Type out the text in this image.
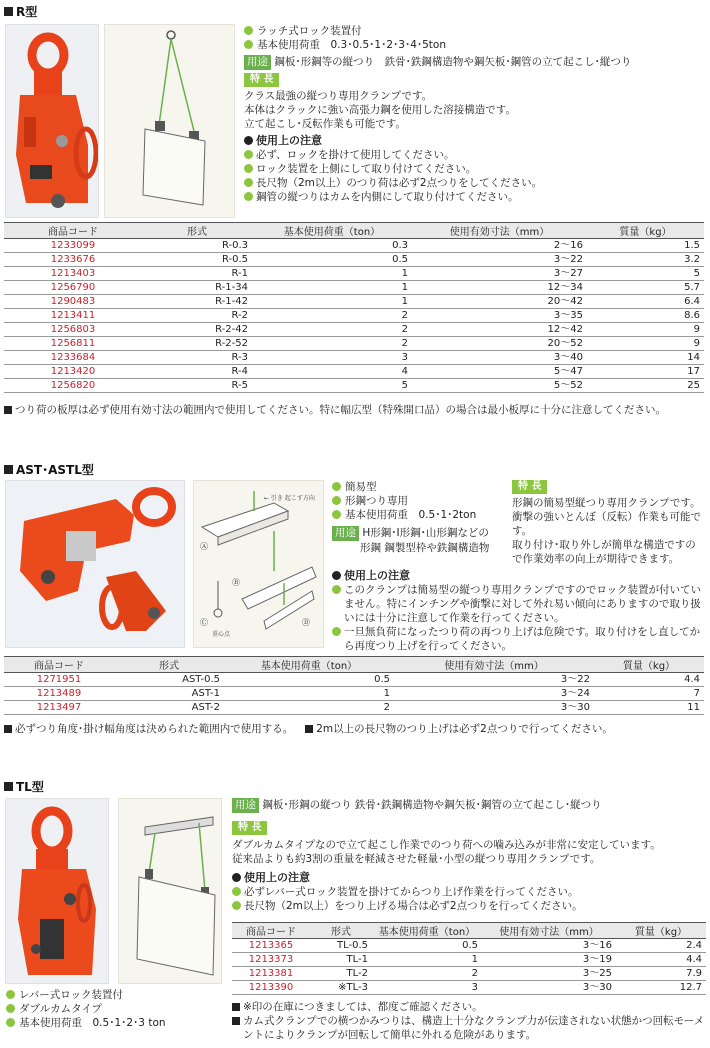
R型
ラッチ式ロック装置付
基本使用荷重　0.3･0.5･1･2･3･4･5ton
用途 鋼板･形鋼等の縦つり　鉄骨･鉄鋼構造物や鋼矢板･鋼管の立て起こし･縦つり
特 長
クラス最強の縦つり専用クランプです。
本体はクラックに強い高張力鋼を使用した溶接構造です。
立て起こし･反転作業も可能です。
使用上の注意
必ず、ロックを掛けて使用してください。
ロック装置を上側にして取り付けてください。
長尺物（2m以上）のつり荷は必ず2点つりをしてください。
鋼管の縦つりはカムを内側にして取り付けてください。
商品コード	形式	基本使用荷重（ton）	使用有効寸法（mm）	質量（kg）
1233099	R-0.3	0.3	2～16	1.5
1233676	R-0.5	0.5	3～22	3.2
1213403	R-1	1	3～27	5
1256790	R-1-34	1	12～34	5.7
1290483	R-1-42	1	20～42	6.4
1213411	R-2	2	3～35	8.6
1256803	R-2-42	2	12～42	9
1256811	R-2-52	2	20～52	9
1233684	R-3	3	3～40	14
1213420	R-4	4	5～47	17
1256820	R-5	5	5～52	25
つり荷の板厚は必ず使用有効寸法の範囲内で使用してください。特に幅広型（特殊開口品）の場合は最小板厚に十分に注意してください。
AST･ASTL型
← 引き 起こす方向
Ⓐ
Ⓑ
Ⓒ	Ⓓ
重心点
簡易型
形鋼つり専用
基本使用荷重　0.5･1･2ton
用途 H形鋼･I形鋼･山形鋼などの
形鋼 鋼製型枠や鉄鋼構造物
特 長
形鋼の簡易型縦つり専用クランプです。
衝撃の強いとんぼ（反転）作業も可能です。
取り付け･取り外しが簡単な構造ですので作業効率の向上が期待できます。
使用上の注意
このクランプは簡易型の縦つり専用クランプですのでロック装置が付いていません。特にインチングや衝撃に対して外れ易い傾向にありますので取り扱いには十分に注意して作業を行ってください。
一旦無負荷になったつり荷の再つり上げは危険です。取り付けをし直してから再度つり上げを行ってください。
商品コード	形式	基本使用荷重（ton）	使用有効寸法（mm）	質量（kg）
1271951	AST-0.5	0.5	3～22	4.4
1213489	AST-1	1	3～24	7
1213497	AST-2	2	3～30	11
必ずつり角度･掛け幅角度は決められた範囲内で使用する。 2m以上の長尺物のつり上げは必ず2点つりで行ってください。
TL型
レバー式ロック装置付
ダブルカムタイプ
基本使用荷重　0.5･1･2･3 ton
用途 鋼板･形鋼の縦つり 鉄骨･鉄鋼構造物や鋼矢板･鋼管の立て起こし･縦つり
特 長
ダブルカムタイプなので立て起こし作業でのつり荷への噛み込みが非常に安定しています。
従来品よりも約3割の重量を軽減させた軽量･小型の縦つり専用クランプです。
使用上の注意
必ずレバー式ロック装置を掛けてからつり上げ作業を行ってください。
長尺物（2m以上）をつり上げる場合は必ず2点つりを行ってください。
商品コード	形式	基本使用荷重（ton）	使用有効寸法（mm）	質量（kg）
1213365	TL-0.5	0.5	3～16	2.4
1213373	TL-1	1	3～19	4.4
1213381	TL-2	2	3～25	7.9
1213390	※TL-3	3	3～30	12.7
※印の在庫につきましては、都度ご確認ください。
カム式クランプでの横つかみつりは、構造上十分なクランプ力が伝達されない状態かつ回転モーメントによりクランプが回転して簡単に外れる危険があります。
